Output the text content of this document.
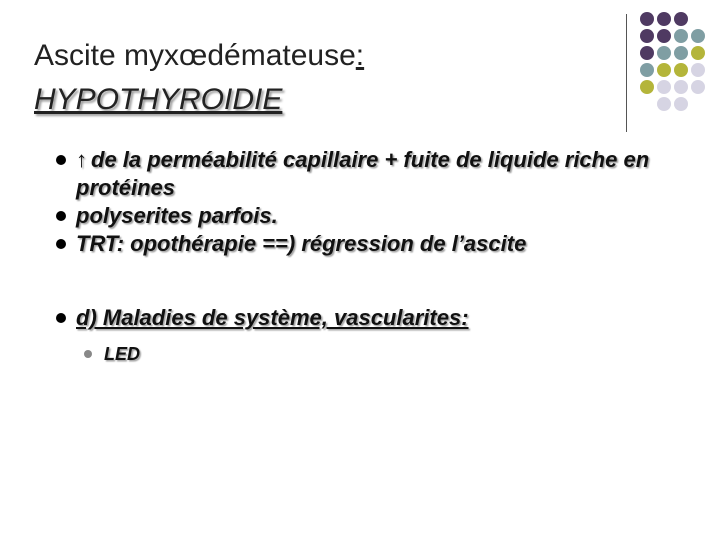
Ascite myxœdémateuse:
HYPOTHYROIDIE
↑ de la perméabilité capillaire + fuite de liquide riche en protéines
polyserites parfois.
TRT: opothérapie ==) régression de l’ascite
d) Maladies de système, vascularites:
LED
